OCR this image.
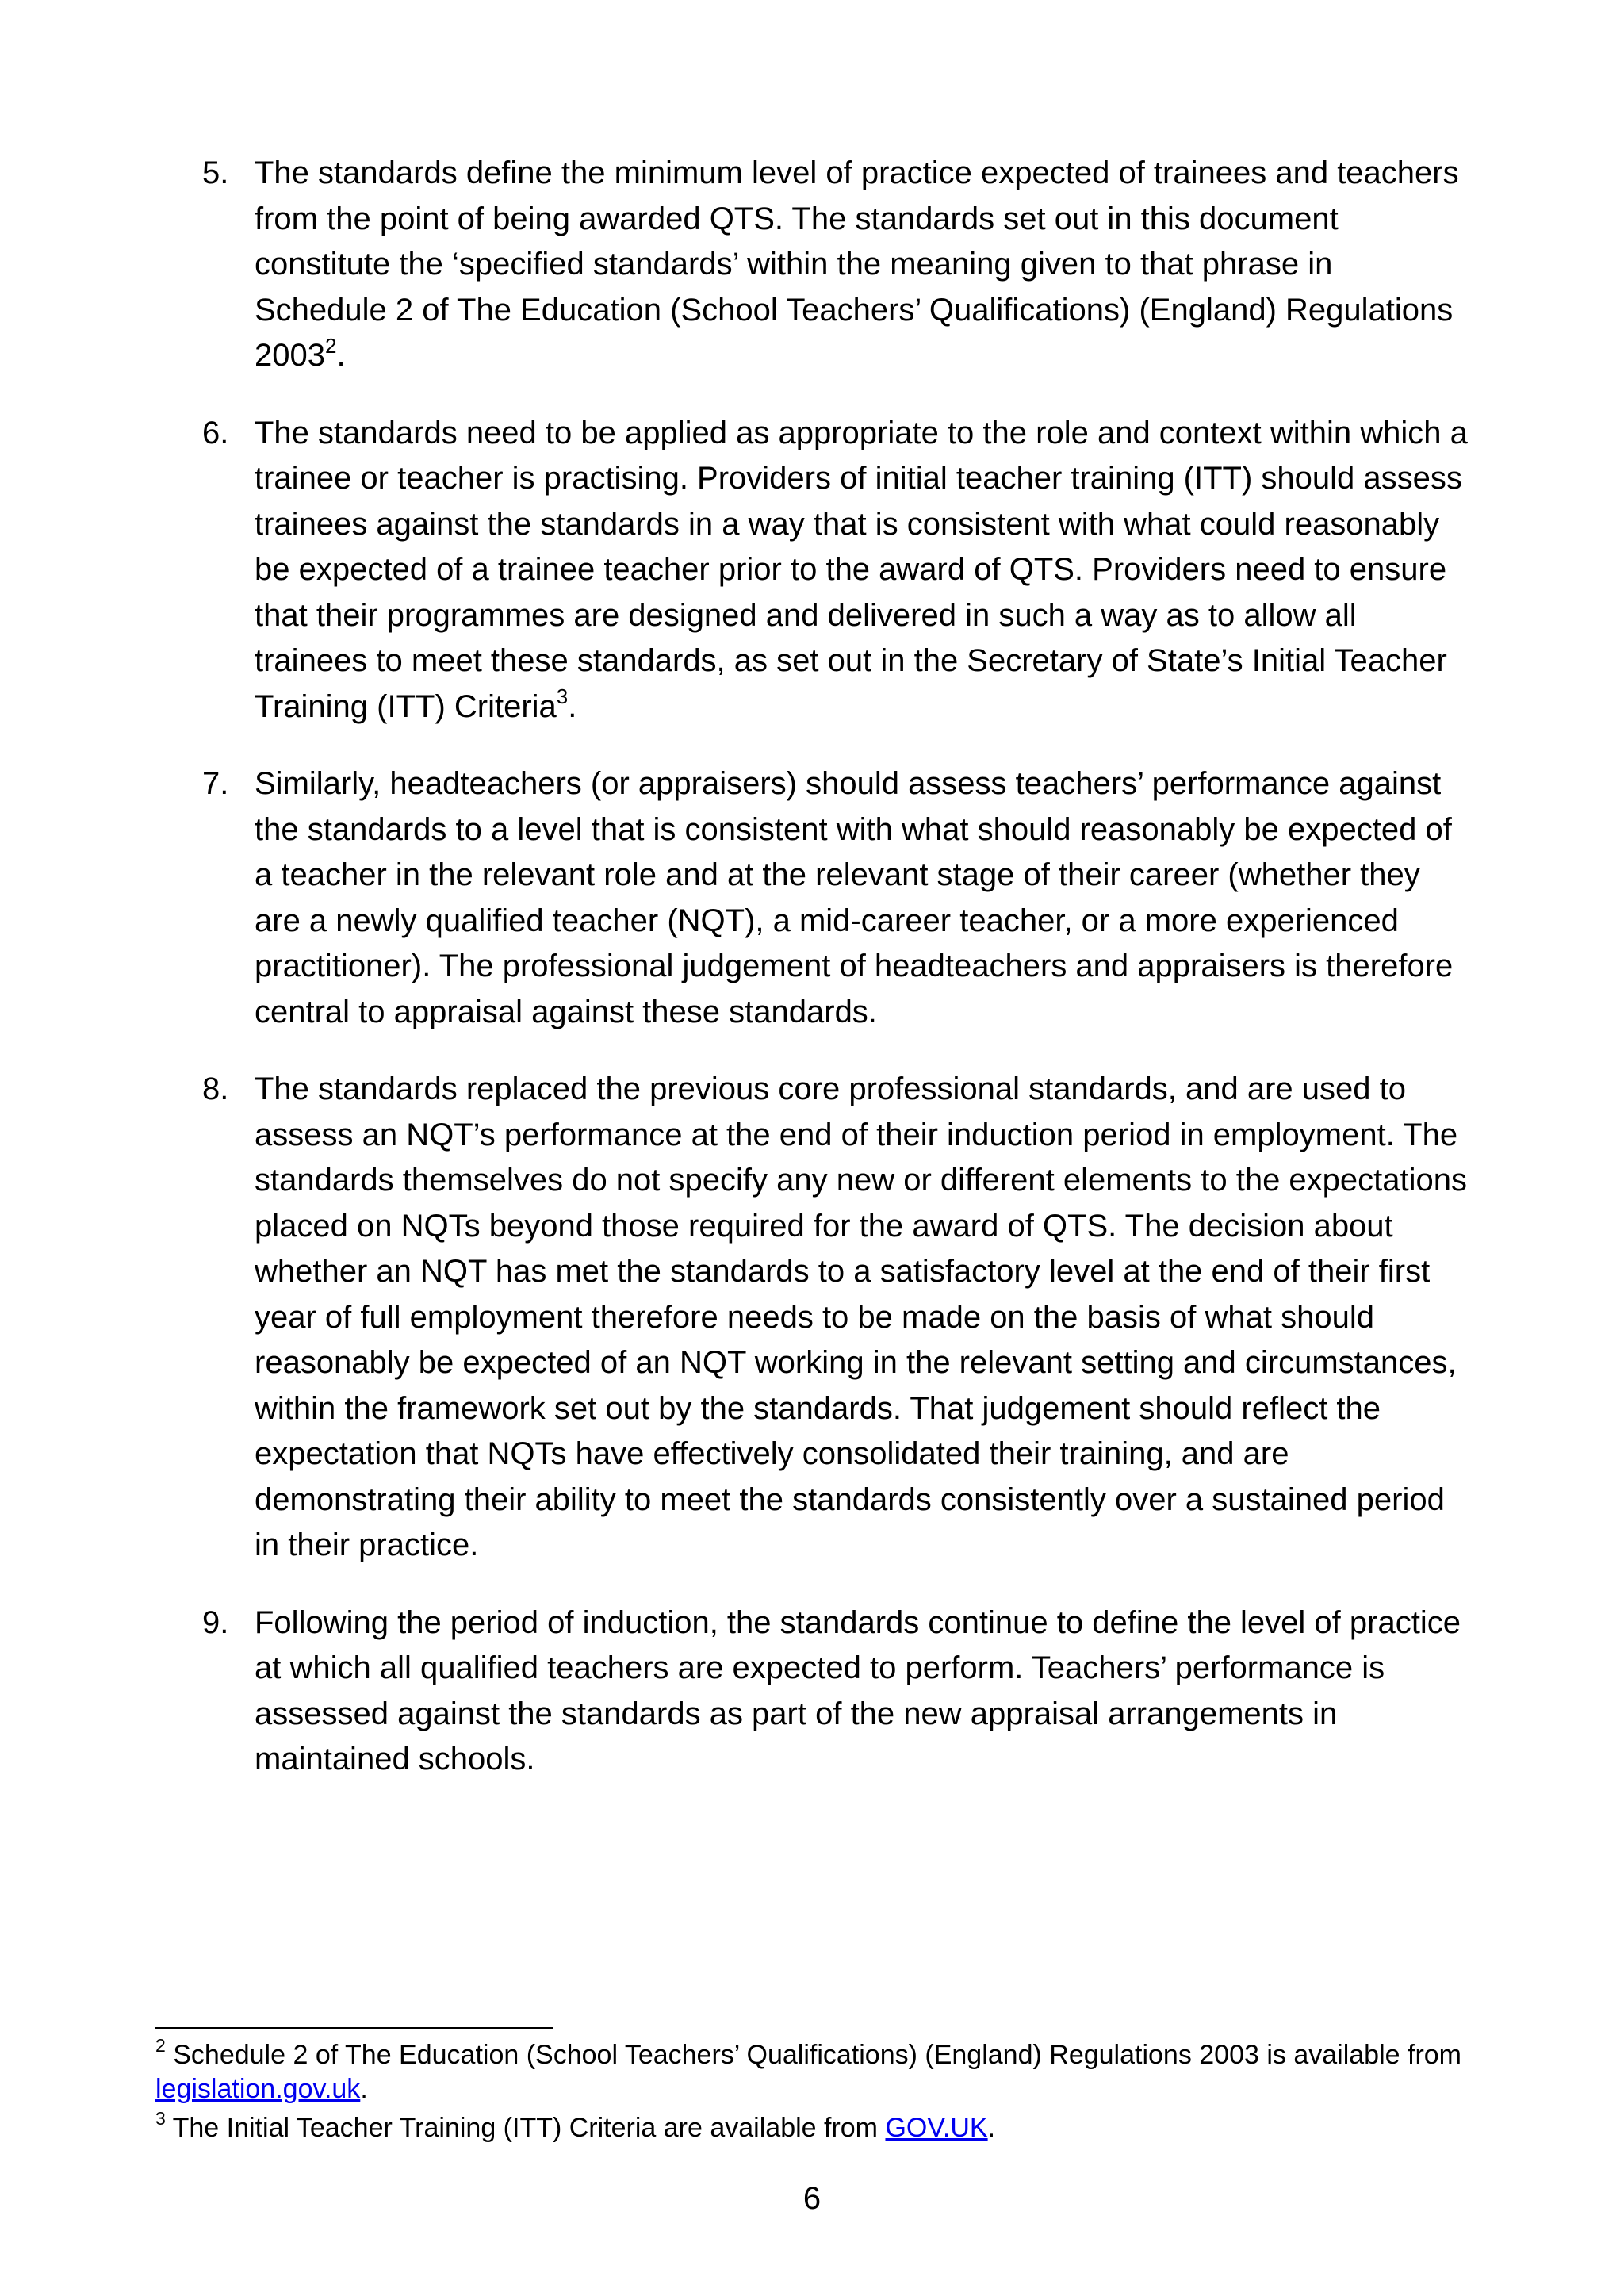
5. The standards define the minimum level of practice expected of trainees and teachers from the point of being awarded QTS. The standards set out in this document constitute the ‘specified standards’ within the meaning given to that phrase in Schedule 2 of The Education (School Teachers’ Qualifications) (England) Regulations 2003$^2$.
6. The standards need to be applied as appropriate to the role and context within which a trainee or teacher is practising. Providers of initial teacher training (ITT) should assess trainees against the standards in a way that is consistent with what could reasonably be expected of a trainee teacher prior to the award of QTS. Providers need to ensure that their programmes are designed and delivered in such a way as to allow all trainees to meet these standards, as set out in the Secretary of State’s Initial Teacher Training (ITT) Criteria$^3$.
7. Similarly, headteachers (or appraisers) should assess teachers’ performance against the standards to a level that is consistent with what should reasonably be expected of a teacher in the relevant role and at the relevant stage of their career (whether they are a newly qualified teacher (NQT), a mid-career teacher, or a more experienced practitioner). The professional judgement of headteachers and appraisers is therefore central to appraisal against these standards.
8. The standards replaced the previous core professional standards, and are used to assess an NQT’s performance at the end of their induction period in employment. The standards themselves do not specify any new or different elements to the expectations placed on NQTs beyond those required for the award of QTS. The decision about whether an NQT has met the standards to a satisfactory level at the end of their first year of full employment therefore needs to be made on the basis of what should reasonably be expected of an NQT working in the relevant setting and circumstances, within the framework set out by the standards. That judgement should reflect the expectation that NQTs have effectively consolidated their training, and are demonstrating their ability to meet the standards consistently over a sustained period in their practice.
9. Following the period of induction, the standards continue to define the level of practice at which all qualified teachers are expected to perform. Teachers’ performance is assessed against the standards as part of the new appraisal arrangements in maintained schools.

$^2$ Schedule 2 of The Education (School Teachers’ Qualifications) (England) Regulations 2003 is available from legislation.gov.uk.

$^3$ The Initial Teacher Training (ITT) Criteria are available from GOV.UK.

6
